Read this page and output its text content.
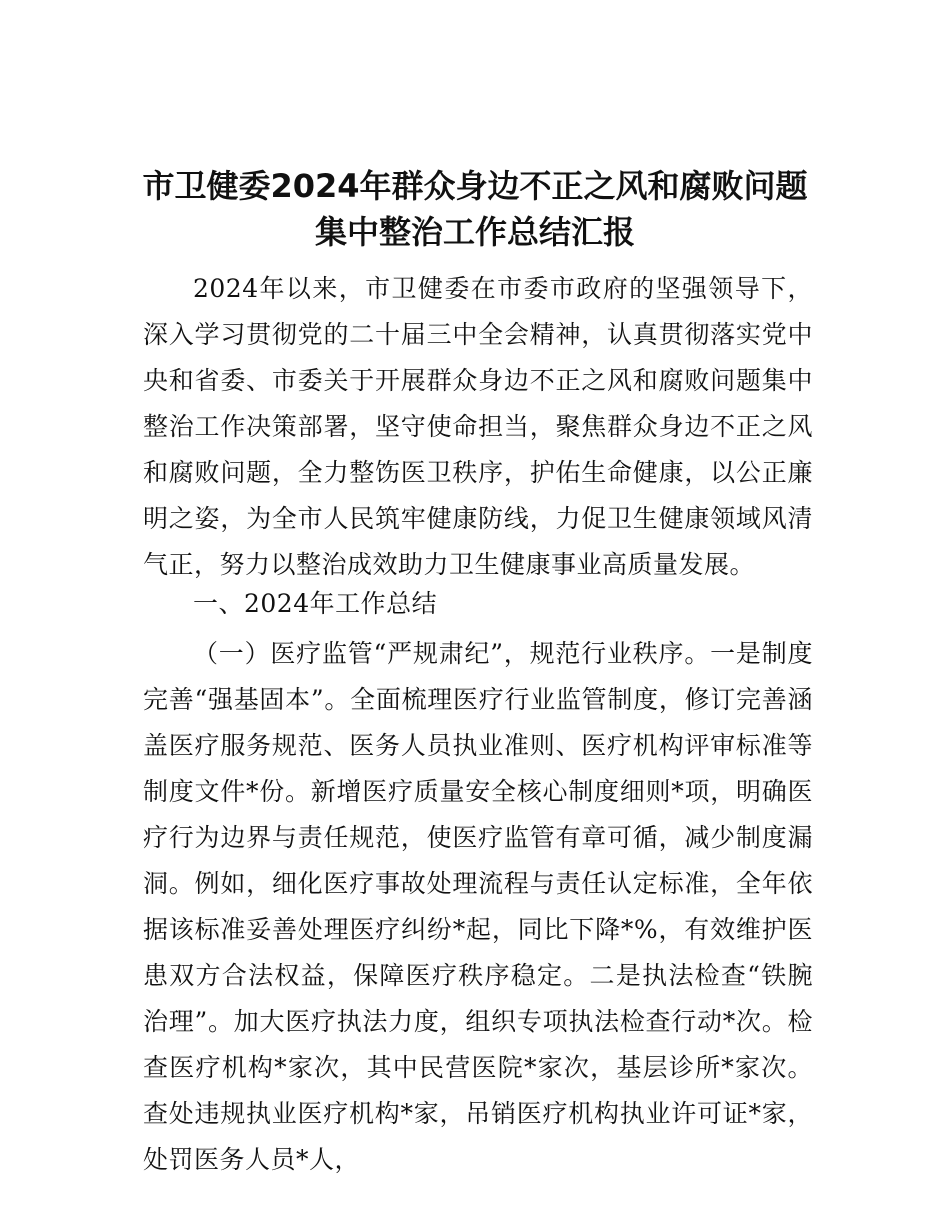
市卫健委2024年群众身边不正之风和腐败问题
集中整治工作总结汇报

2024年以来，市卫健委在市委市政府的坚强领导下，深入学习贯彻党的二十届三中全会精神，认真贯彻落实党中央和省委、市委关于开展群众身边不正之风和腐败问题集中整治工作决策部署，坚守使命担当，聚焦群众身边不正之风和腐败问题，全力整饬医卫秩序，护佑生命健康，以公正廉明之姿，为全市人民筑牢健康防线，力促卫生健康领域风清气正，努力以整治成效助力卫生健康事业高质量发展。

一、2024年工作总结

（一）医疗监管“严规肃纪”，规范行业秩序。一是制度完善“强基固本”。全面梳理医疗行业监管制度，修订完善涵盖医疗服务规范、医务人员执业准则、医疗机构评审标准等制度文件*份。新增医疗质量安全核心制度细则*项，明确医疗行为边界与责任规范，使医疗监管有章可循，减少制度漏洞。例如，细化医疗事故处理流程与责任认定标准，全年依据该标准妥善处理医疗纠纷*起，同比下降*%，有效维护医患双方合法权益，保障医疗秩序稳定。二是执法检查“铁腕治理”。加大医疗执法力度，组织专项执法检查行动*次。检查医疗机构*家次，其中民营医院*家次，基层诊所*家次。查处违规执业医疗机构*家，吊销医疗机构执业许可证*家，处罚医务人员*人，
